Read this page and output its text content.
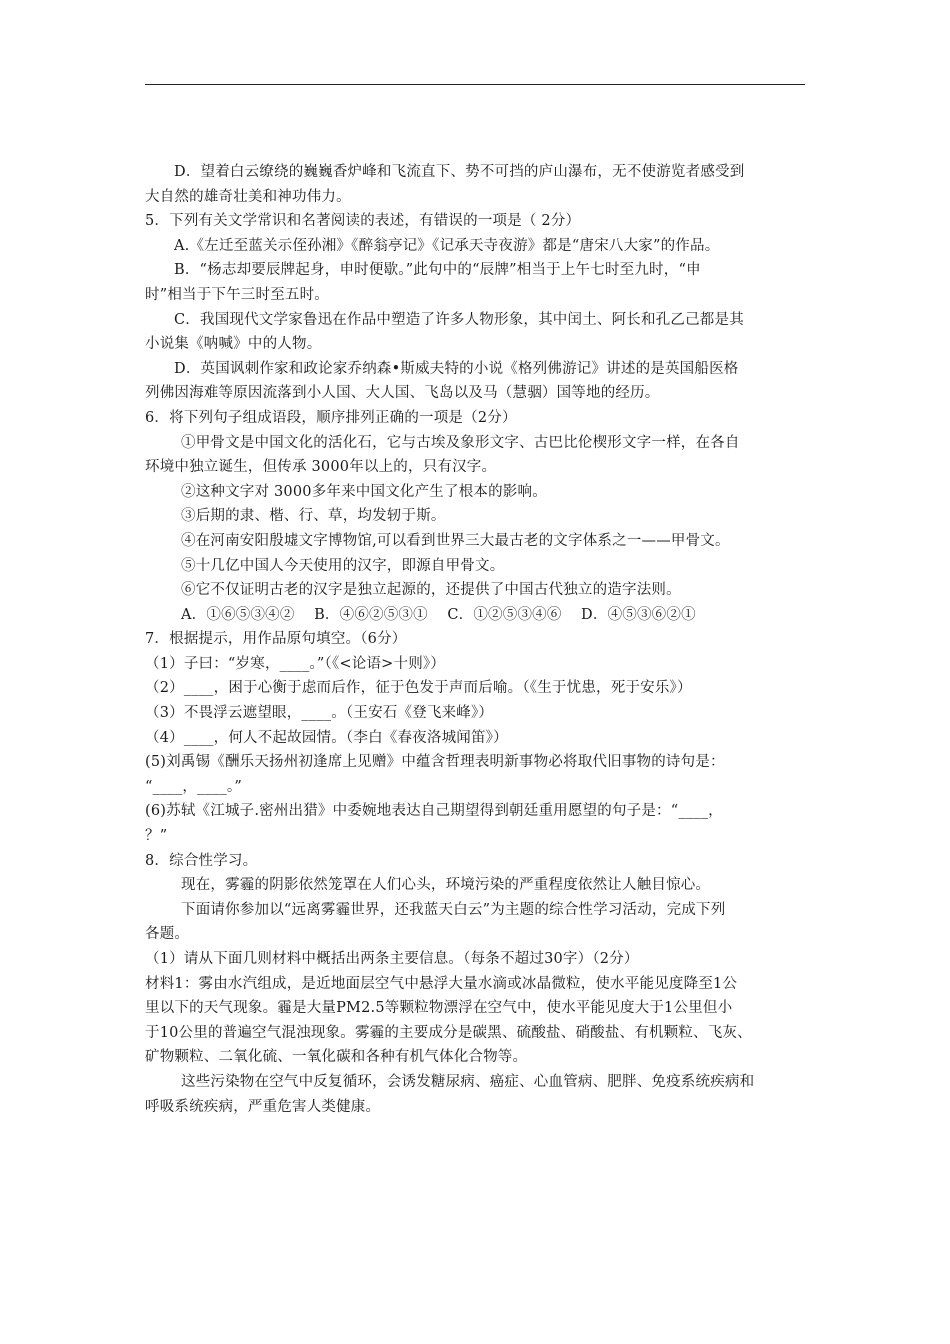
D．望着白云缭绕的巍巍香炉峰和飞流直下、势不可挡的庐山瀑布，无不使游览者感受到
大自然的雄奇壮美和神功伟力。
5．下列有关文学常识和名著阅读的表述，有错误的一项是（ 2分）
A.《左迁至蓝关示侄孙湘》《醉翁亭记》《记承天寺夜游》都是“唐宋八大家”的作品。
B．“杨志却要辰牌起身，申时便歇。”此句中的“辰牌”相当于上午七时至九时，“申
时”相当于下午三时至五时。
C．我国现代文学家鲁迅在作品中塑造了许多人物形象，其中闰土、阿长和孔乙己都是其
小说集《呐喊》中的人物。
D．英国讽刺作家和政论家乔纳森•斯威夫特的小说《格列佛游记》讲述的是英国船医格
列佛因海难等原因流落到小人国、大人国、飞岛以及马（慧骃）国等地的经历。
6．将下列句子组成语段，顺序排列正确的一项是（2分）
①甲骨文是中国文化的活化石，它与古埃及象形文字、古巴比伦楔形文字一样，在各自
环境中独立诞生，但传承 3000年以上的，只有汉字。
②这种文字对 3000多年来中国文化产生了根本的影响。
③后期的隶、楷、行、草，均发轫于斯。
④在河南安阳殷墟文字博物馆,可以看到世界三大最古老的文字体系之一——甲骨文。
⑤十几亿中国人今天使用的汉字，即源自甲骨文。
⑥它不仅证明古老的汉字是独立起源的，还提供了中国古代独立的造字法则。
A．①⑥⑤③④②　 B．④⑥②⑤③①　 C．①②⑤③④⑥　 D．④⑤③⑥②①
7．根据提示，用作品原句填空。（6分）
（1）子曰：“岁寒，____。”（《<论语>十则》）
（2）____，困于心衡于虑而后作，征于色发于声而后喻。（《生于忧患，死于安乐》）
（3）不畏浮云遮望眼，____。（王安石《登飞来峰》）
（4）____，何人不起故园情。（李白《春夜洛城闻笛》）
(5)刘禹锡《酬乐天扬州初逢席上见赠》中蕴含哲理表明新事物必将取代旧事物的诗句是：
“____，____。”
(6)苏轼《江城子.密州出猎》中委婉地表达自己期望得到朝廷重用愿望的句子是：“____，
？”
8．综合性学习。
现在，雾霾的阴影依然笼罩在人们心头，环境污染的严重程度依然让人触目惊心。
下面请你参加以“远离雾霾世界，还我蓝天白云”为主题的综合性学习活动，完成下列
各题。
（1）请从下面几则材料中概括出两条主要信息。（每条不超过30字）（2分）
材料1：雾由水汽组成，是近地面层空气中悬浮大量水滴或冰晶微粒，使水平能见度降至1公
里以下的天气现象。霾是大量PM2.5等颗粒物漂浮在空气中，使水平能见度大于1公里但小
于10公里的普遍空气混浊现象。雾霾的主要成分是碳黑、硫酸盐、硝酸盐、有机颗粒、飞灰、
矿物颗粒、二氧化硫、一氧化碳和各种有机气体化合物等。
这些污染物在空气中反复循环，会诱发糖尿病、癌症、心血管病、肥胖、免疫系统疾病和
呼吸系统疾病，严重危害人类健康。
